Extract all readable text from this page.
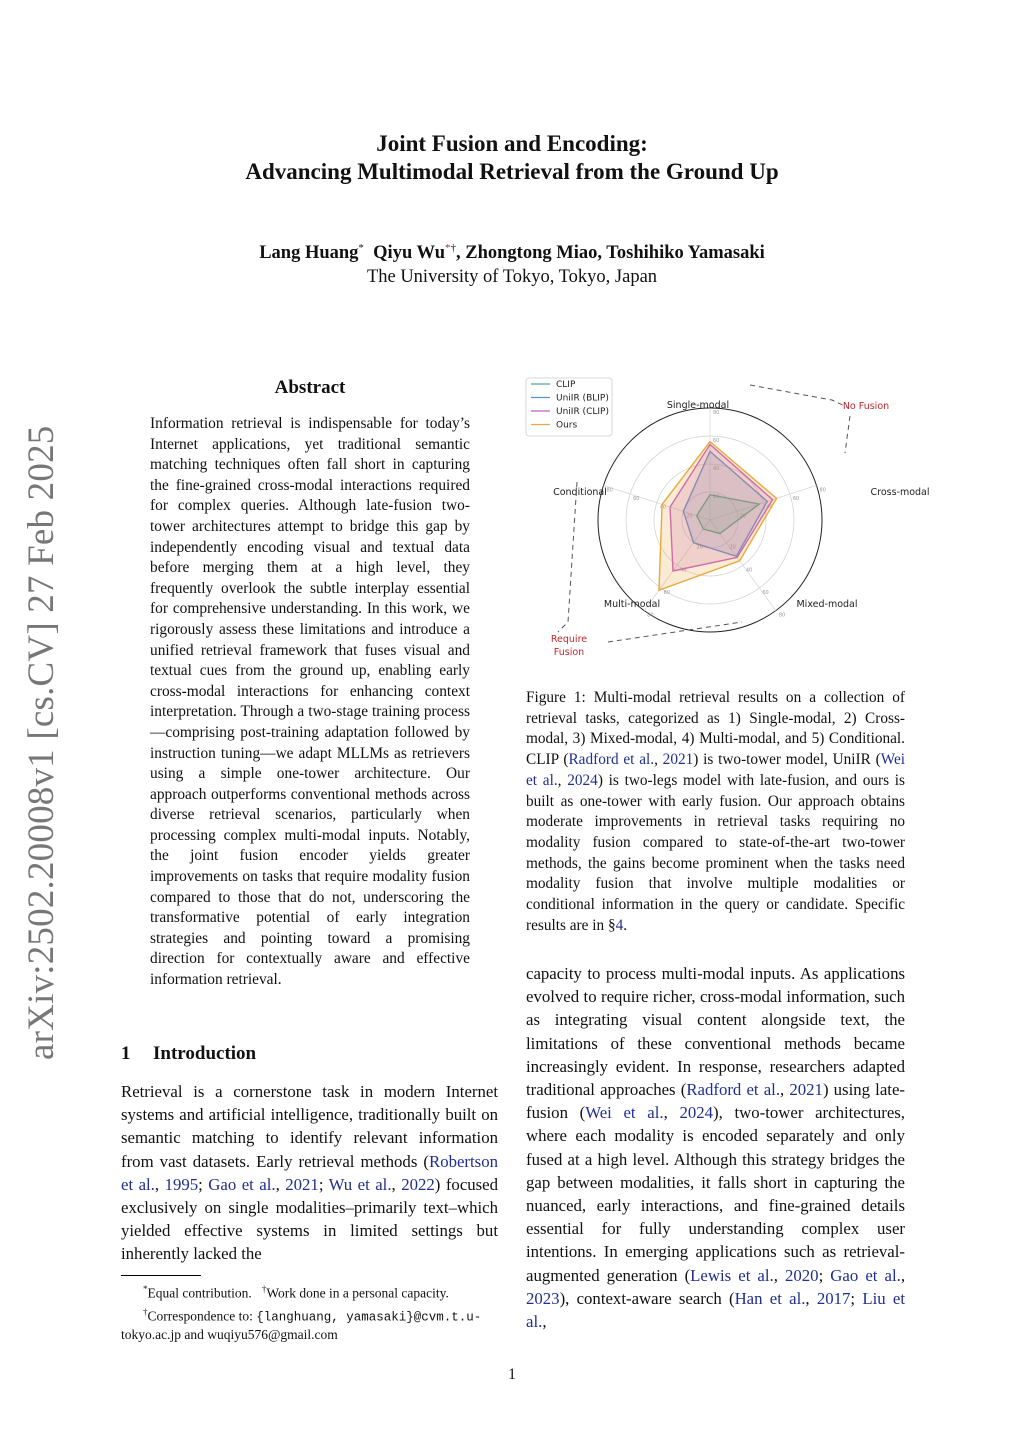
arXiv:2502.20008v1 [cs.CV] 27 Feb 2025
Joint Fusion and Encoding:
Advancing Multimodal Retrieval from the Ground Up
Lang Huang* Qiyu Wu*†, Zhongtong Miao, Toshihiko Yamasaki
The University of Tokyo, Tokyo, Japan
Abstract
Information retrieval is indispensable for today’s Internet applications, yet traditional semantic matching techniques often fall short in capturing the fine-grained cross-modal interactions required for complex queries. Although late-fusion two-tower architectures attempt to bridge this gap by independently encoding visual and textual data before merging them at a high level, they frequently overlook the subtle interplay essential for comprehensive understanding. In this work, we rigorously assess these limitations and introduce a unified retrieval framework that fuses visual and textual cues from the ground up, enabling early cross-modal interactions for enhancing context interpretation. Through a two-stage training process—comprising post-training adaptation followed by instruction tuning—we adapt MLLMs as retrievers using a simple one-tower architecture. Our approach outperforms conventional methods across diverse retrieval scenarios, particularly when processing complex multi-modal inputs. Notably, the joint fusion encoder yields greater improvements on tasks that require modality fusion compared to those that do not, underscoring the transformative potential of early integration strategies and pointing toward a promising direction for contextually aware and effective information retrieval.
1 Introduction
Retrieval is a cornerstone task in modern Internet systems and artificial intelligence, traditionally built on semantic matching to identify relevant information from vast datasets. Early retrieval methods (Robertson et al., 1995; Gao et al., 2021; Wu et al., 2022) focused exclusively on single modalities–primarily text–which yielded effective systems in limited settings but inherently lacked the
*Equal contribution. †Work done in a personal capacity.
†Correspondence to: {langhuang, yamasaki}@cvm.t.u- tokyo.ac.jp and wuqiyu576@gmail.com
20
40
60
80
20
40
60
80
20
40
60
80
20
40
60
80
20
40
60
80
Single-modal
Cross-modal
Mixed-modal
Multi-modal
Conditional
No Fusion
Require
Fusion
CLIP
UniIR (BLIP)
UniIR (CLIP)
Ours
Figure 1: Multi-modal retrieval results on a collection of retrieval tasks, categorized as 1) Single-modal, 2) Cross-modal, 3) Mixed-modal, 4) Multi-modal, and 5) Conditional. CLIP (Radford et al., 2021) is two-tower model, UniIR (Wei et al., 2024) is two-legs model with late-fusion, and ours is built as one-tower with early fusion. Our approach obtains moderate improvements in retrieval tasks requiring no modality fusion compared to state-of-the-art two-tower methods, the gains become prominent when the tasks need modality fusion that involve multiple modalities or conditional information in the query or candidate. Specific results are in §4.
capacity to process multi-modal inputs. As applications evolved to require richer, cross-modal information, such as integrating visual content alongside text, the limitations of these conventional methods became increasingly evident. In response, researchers adapted traditional approaches (Radford et al., 2021) using late-fusion (Wei et al., 2024), two-tower architectures, where each modality is encoded separately and only fused at a high level. Although this strategy bridges the gap between modalities, it falls short in capturing the nuanced, early interactions, and fine-grained details essential for fully understanding complex user intentions. In emerging applications such as retrieval-augmented generation (Lewis et al., 2020; Gao et al., 2023), context-aware search (Han et al., 2017; Liu et al.,
1
